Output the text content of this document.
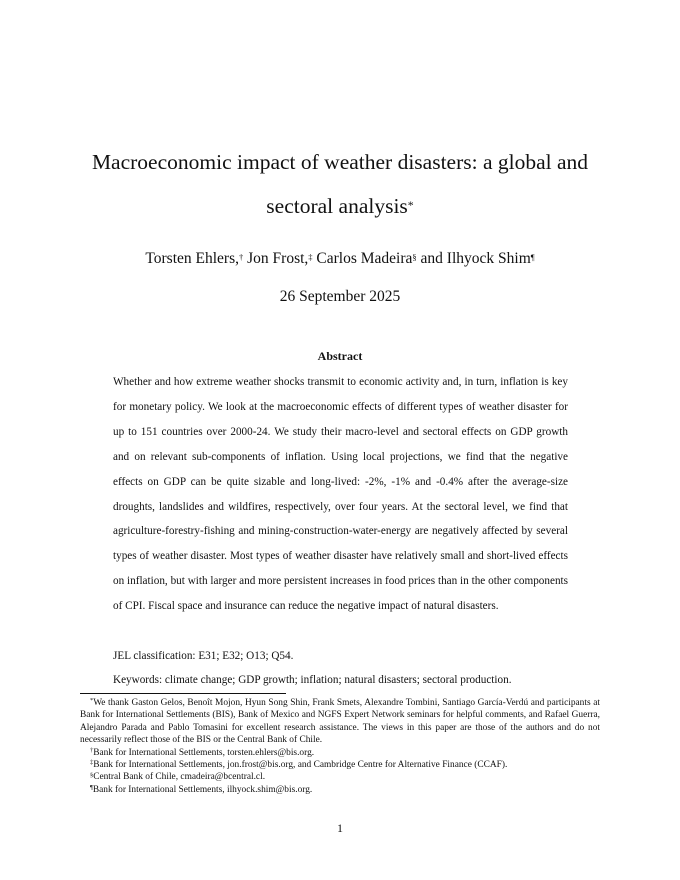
Macroeconomic impact of weather disasters: a global and
sectoral analysis*
Torsten Ehlers,† Jon Frost,‡ Carlos Madeira§ and Ilhyock Shim¶
26 September 2025
Abstract

Whether and how extreme weather shocks transmit to economic activity and, in turn, inflation is key for monetary policy. We look at the macroeconomic effects of different types of weather disaster for up to 151 countries over 2000-24. We study their macro-level and sectoral effects on GDP growth and on relevant sub-components of inflation. Using local projections, we find that the negative effects on GDP can be quite sizable and long-lived: -2%, -1% and -0.4% after the average-size droughts, landslides and wildfires, respectively, over four years. At the sectoral level, we find that agriculture-forestry-fishing and mining-construction-water-energy are negatively affected by several types of weather disaster. Most types of weather disaster have relatively small and short-lived effects on inflation, but with larger and more persistent increases in food prices than in the other components of CPI. Fiscal space and insurance can reduce the negative impact of natural disasters.

JEL classification: E31; E32; O13; Q54.
Keywords: climate change; GDP growth; inflation; natural disasters; sectoral production.

*We thank Gaston Gelos, Benoît Mojon, Hyun Song Shin, Frank Smets, Alexandre Tombini, Santiago García-Verdú and participants at Bank for International Settlements (BIS), Bank of Mexico and NGFS Expert Network seminars for helpful comments, and Rafael Guerra, Alejandro Parada and Pablo Tomasini for excellent research assistance. The views in this paper are those of the authors and do not necessarily reflect those of the BIS or the Central Bank of Chile.

†Bank for International Settlements, torsten.ehlers@bis.org.

‡Bank for International Settlements, jon.frost@bis.org, and Cambridge Centre for Alternative Finance (CCAF).

§Central Bank of Chile, cmadeira@bcentral.cl.

¶Bank for International Settlements, ilhyock.shim@bis.org.

1
